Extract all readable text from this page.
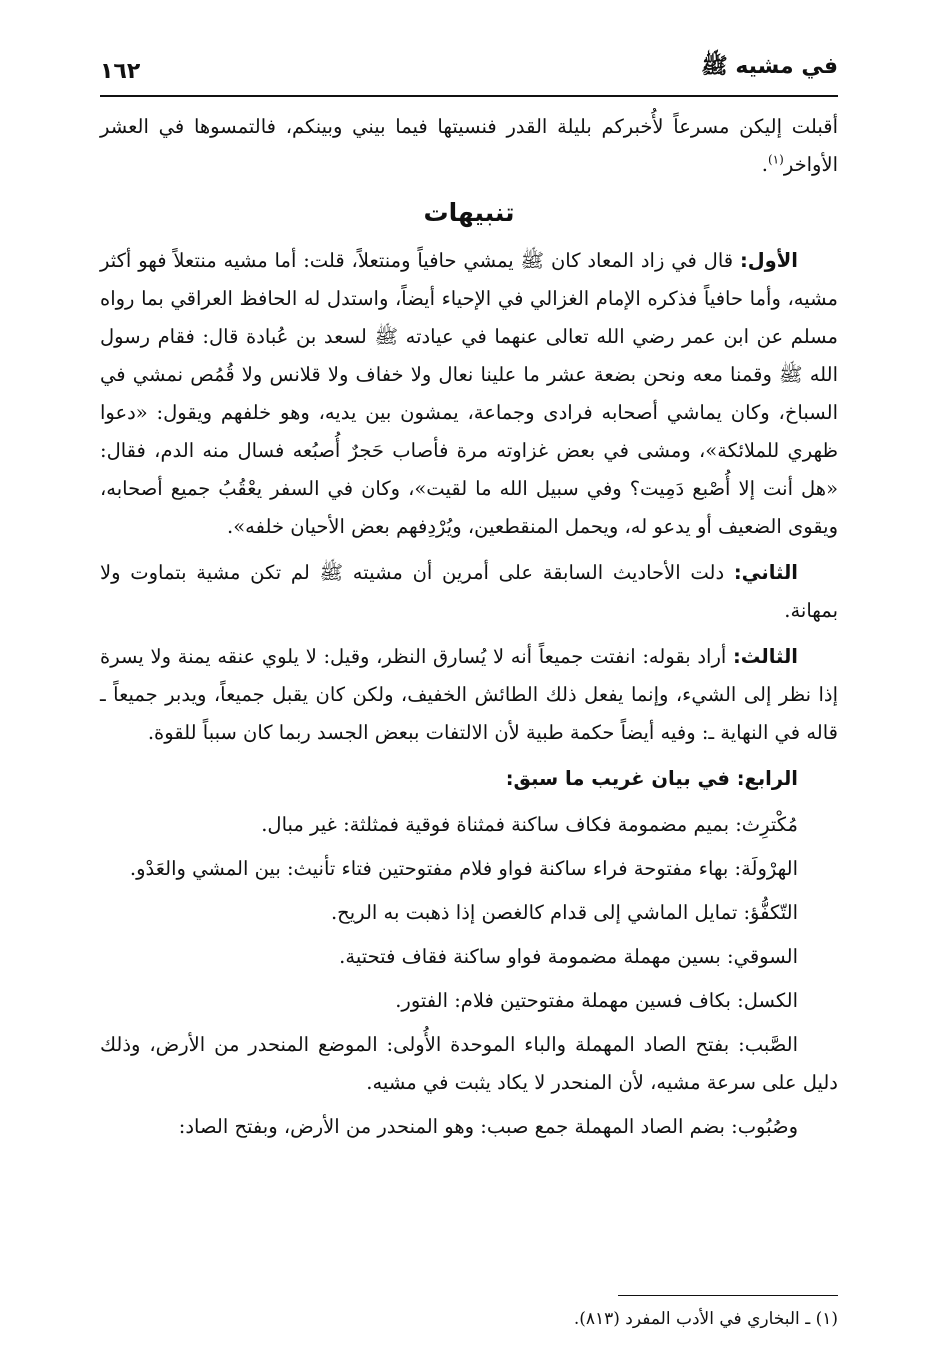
في مشيه ﷺ
١٦٢

أقبلت إليكن مسرعاً لأُخبركم بليلة القدر فنسيتها فيما بيني وبينكم، فالتمسوها في العشر الأواخر$^{(١)}$.

تنبيهات

الأول: قال في زاد المعاد كان ﷺ يمشي حافياً ومنتعلاً، قلت: أما مشيه منتعلاً فهو أكثر مشيه، وأما حافياً فذكره الإمام الغزالي في الإحياء أيضاً، واستدل له الحافظ العراقي بما رواه مسلم عن ابن عمر رضي الله تعالى عنهما في عيادته ﷺ لسعد بن عُبادة قال: فقام رسول الله ﷺ وقمنا معه ونحن بضعة عشر ما علينا نعال ولا خفاف ولا قلانس ولا قُمُص نمشي في السباخ، وكان يماشي أصحابه فرادى وجماعة، يمشون بين يديه، وهو خلفهم ويقول: «دعوا ظهري للملائكة»، ومشى في بعض غزاوته مرة فأصاب حَجرٌ أُصبُعه فسال منه الدم، فقال: «هل أنت إلا أُصْبع دَمِيت؟ وفي سبيل الله ما لقيت»، وكان في السفر يعْقُبُ جميع أصحابه، ويقوى الضعيف أو يدعو له، ويحمل المنقطعين، ويُرْدِفهم بعض الأحيان خلفه».

الثاني: دلت الأحاديث السابقة على أمرين أن مشيته ﷺ لم تكن مشية بتماوت ولا بمهانة.

الثالث: أراد بقوله: انفتت جميعاً أنه لا يُسارق النظر، وقيل: لا يلوي عنقه يمنة ولا يسرة إذا نظر إلى الشيء، وإنما يفعل ذلك الطائش الخفيف، ولكن كان يقبل جميعاً، ويدبر جميعاً ـ قاله في النهاية ـ: وفيه أيضاً حكمة طبية لأن الالتفات ببعض الجسد ربما كان سبباً للقوة.

الرابع: في بيان غريب ما سبق:

مُكْترِث: بميم مضمومة فكاف ساكنة فمثناة فوقية فمثلثة: غير مبال.

الهرْولَة: بهاء مفتوحة فراء ساكنة فواو فلام مفتوحتين فتاء تأنيث: بين المشي والعَدْو.

التّكفُّؤ: تمايل الماشي إلى قدام كالغصن إذا ذهبت به الريح.

السوقي: بسين مهملة مضمومة فواو ساكنة فقاف فتحتية.

الكسل: بكاف فسين مهملة مفتوحتين فلام: الفتور.

الصَّبب: بفتح الصاد المهملة والباء الموحدة الأُولى: الموضع المنحدر من الأرض، وذلك دليل على سرعة مشيه، لأن المنحدر لا يكاد يثبت في مشيه.

وصُبُوب: بضم الصاد المهملة جمع صبب: وهو المنحدر من الأرض، وبفتح الصاد:

(١) ـ البخاري في الأدب المفرد (٨١٣).
